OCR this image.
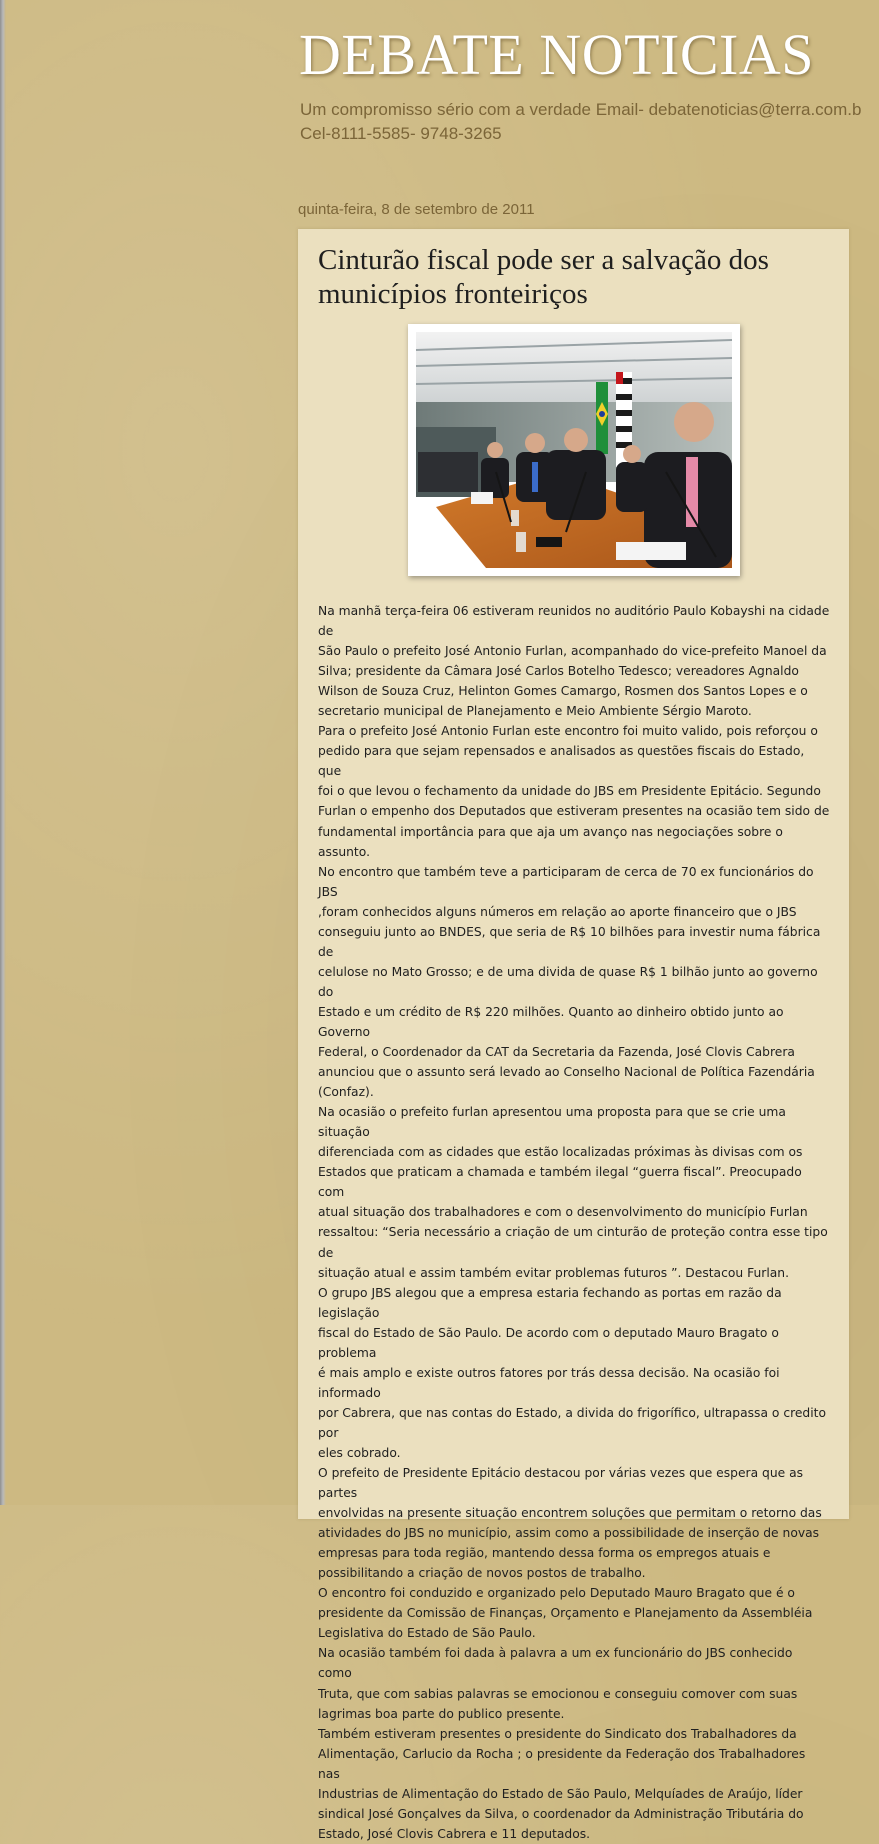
DEBATE NOTICIAS
Um compromisso sério com a verdade Email- debatenoticias@terra.com.b
Cel-8111-5585- 9748-3265
quinta-feira, 8 de setembro de 2011
Cinturão fiscal pode ser a salvação dos municípios fronteiriços

Na manhã terça-feira 06 estiveram reunidos no auditório Paulo Kobayshi na cidade de
São Paulo o prefeito José Antonio Furlan, acompanhado do vice-prefeito Manoel da
Silva; presidente da Câmara José Carlos Botelho Tedesco; vereadores Agnaldo
Wilson de Souza Cruz, Helinton Gomes Camargo, Rosmen dos Santos Lopes e o
secretario municipal de Planejamento e Meio Ambiente Sérgio Maroto.

Para o prefeito José Antonio Furlan este encontro foi muito valido, pois reforçou o
pedido para que sejam repensados e analisados as questões fiscais do Estado, que
foi o que levou o fechamento da unidade do JBS em Presidente Epitácio. Segundo
Furlan o empenho dos Deputados que estiveram presentes na ocasião tem sido de
fundamental importância para que aja um avanço nas negociações sobre o assunto.

No encontro que também teve a participaram de cerca de 70 ex funcionários do JBS
,foram conhecidos alguns números em relação ao aporte financeiro que o JBS
conseguiu junto ao BNDES, que seria de R$ 10 bilhões para investir numa fábrica de
celulose no Mato Grosso; e de uma divida de quase R$ 1 bilhão junto ao governo do
Estado e um crédito de R$ 220 milhões. Quanto ao dinheiro obtido junto ao Governo
Federal, o Coordenador da CAT da Secretaria da Fazenda, José Clovis Cabrera
anunciou que o assunto será levado ao Conselho Nacional de Política Fazendária
(Confaz).

Na ocasião o prefeito furlan apresentou uma proposta para que se crie uma situação
diferenciada com as cidades que estão localizadas próximas às divisas com os
Estados que praticam a chamada e também ilegal “guerra fiscal”. Preocupado com
atual situação dos trabalhadores e com o desenvolvimento do município Furlan
ressaltou: “Seria necessário a criação de um cinturão de proteção contra esse tipo de
situação atual e assim também evitar problemas futuros ”. Destacou Furlan.

O grupo JBS alegou que a empresa estaria fechando as portas em razão da legislação
fiscal do Estado de São Paulo. De acordo com o deputado Mauro Bragato o problema
é mais amplo e existe outros fatores por trás dessa decisão. Na ocasião foi informado
por Cabrera, que nas contas do Estado, a divida do frigorífico, ultrapassa o credito por
eles cobrado.

O prefeito de Presidente Epitácio destacou por várias vezes que espera que as partes
envolvidas na presente situação encontrem soluções que permitam o retorno das
atividades do JBS no município, assim como a possibilidade de inserção de novas
empresas para toda região, mantendo dessa forma os empregos atuais e
possibilitando a criação de novos postos de trabalho.

O encontro foi conduzido e organizado pelo Deputado Mauro Bragato que é o
presidente da Comissão de Finanças, Orçamento e Planejamento da Assembléia
Legislativa do Estado de São Paulo.

Na ocasião também foi dada à palavra a um ex funcionário do JBS conhecido como
Truta, que com sabias palavras se emocionou e conseguiu comover com suas
lagrimas boa parte do publico presente.

Também estiveram presentes o presidente do Sindicato dos Trabalhadores da
Alimentação, Carlucio da Rocha ; o presidente da Federação dos Trabalhadores nas
Industrias de Alimentação do Estado de São Paulo, Melquíades de Araújo, líder
sindical José Gonçalves da Silva, o coordenador da Administração Tributária do
Estado, José Clovis Cabrera e 11 deputados.
